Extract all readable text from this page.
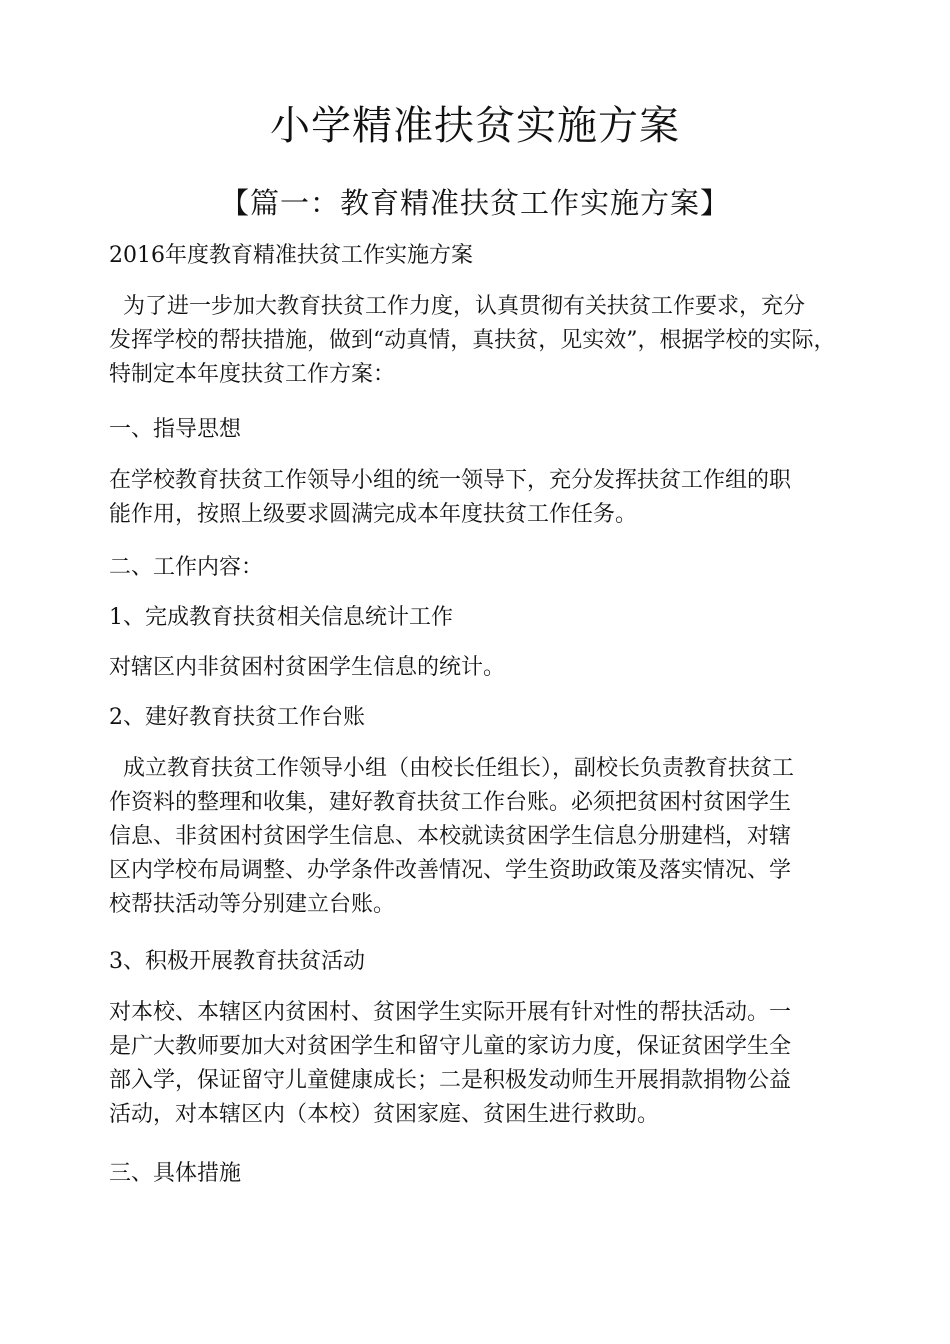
小学精准扶贫实施方案
【篇一：教育精准扶贫工作实施方案】

2016年度教育精准扶贫工作实施方案

为了进一步加大教育扶贫工作力度，认真贯彻有关扶贫工作要求，充分
发挥学校的帮扶措施，做到“动真情，真扶贫，见实效”，根据学校的实际，
特制定本年度扶贫工作方案：

一、指导思想

在学校教育扶贫工作领导小组的统一领导下，充分发挥扶贫工作组的职
能作用，按照上级要求圆满完成本年度扶贫工作任务。

二、工作内容：

1、完成教育扶贫相关信息统计工作

对辖区内非贫困村贫困学生信息的统计。

2、建好教育扶贫工作台账

成立教育扶贫工作领导小组（由校长任组长），副校长负责教育扶贫工
作资料的整理和收集，建好教育扶贫工作台账。必须把贫困村贫困学生
信息、非贫困村贫困学生信息、本校就读贫困学生信息分册建档，对辖
区内学校布局调整、办学条件改善情况、学生资助政策及落实情况、学
校帮扶活动等分别建立台账。

3、积极开展教育扶贫活动

对本校、本辖区内贫困村、贫困学生实际开展有针对性的帮扶活动。一
是广大教师要加大对贫困学生和留守儿童的家访力度，保证贫困学生全
部入学，保证留守儿童健康成长；二是积极发动师生开展捐款捐物公益
活动，对本辖区内（本校）贫困家庭、贫困生进行救助。

三、具体措施
